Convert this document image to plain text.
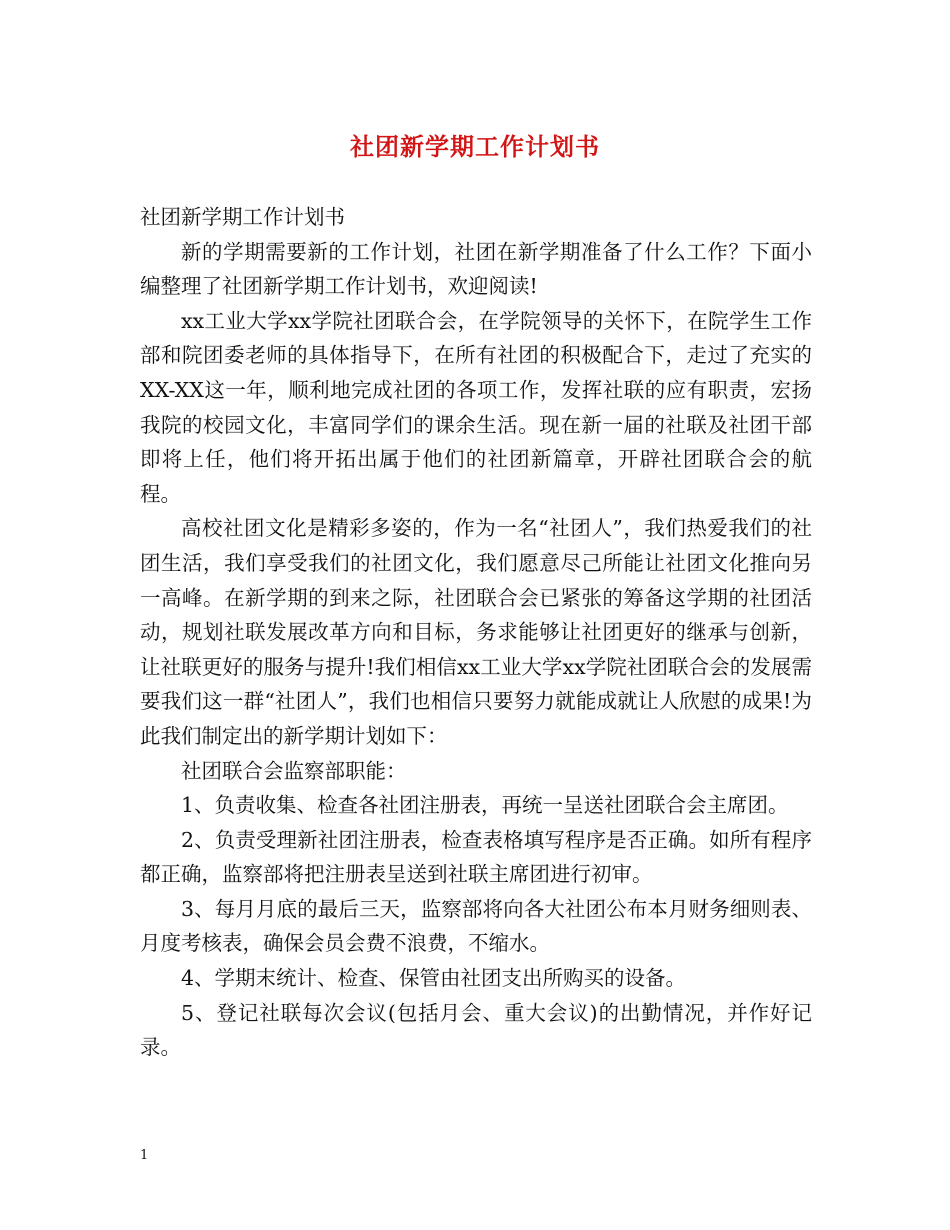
社团新学期工作计划书

社团新学期工作计划书

新的学期需要新的工作计划，社团在新学期准备了什么工作？下面小编整理了社团新学期工作计划书，欢迎阅读!

xx工业大学xx学院社团联合会，在学院领导的关怀下，在院学生工作部和院团委老师的具体指导下，在所有社团的积极配合下，走过了充实的XX-XX这一年，顺利地完成社团的各项工作，发挥社联的应有职责，宏扬我院的校园文化，丰富同学们的课余生活。现在新一届的社联及社团干部即将上任，他们将开拓出属于他们的社团新篇章，开辟社团联合会的航程。

高校社团文化是精彩多姿的，作为一名“社团人”，我们热爱我们的社团生活，我们享受我们的社团文化，我们愿意尽己所能让社团文化推向另一高峰。在新学期的到来之际，社团联合会已紧张的筹备这学期的社团活动，规划社联发展改革方向和目标，务求能够让社团更好的继承与创新，让社联更好的服务与提升!我们相信xx工业大学xx学院社团联合会的发展需要我们这一群“社团人”，我们也相信只要努力就能成就让人欣慰的成果!为此我们制定出的新学期计划如下：

社团联合会监察部职能：

1、负责收集、检查各社团注册表，再统一呈送社团联合会主席团。

2、负责受理新社团注册表，检查表格填写程序是否正确。如所有程序都正确，监察部将把注册表呈送到社联主席团进行初审。

3、每月月底的最后三天，监察部将向各大社团公布本月财务细则表、月度考核表，确保会员会费不浪费，不缩水。

4、学期末统计、检查、保管由社团支出所购买的设备。

5、登记社联每次会议(包括月会、重大会议)的出勤情况，并作好记录。

1
